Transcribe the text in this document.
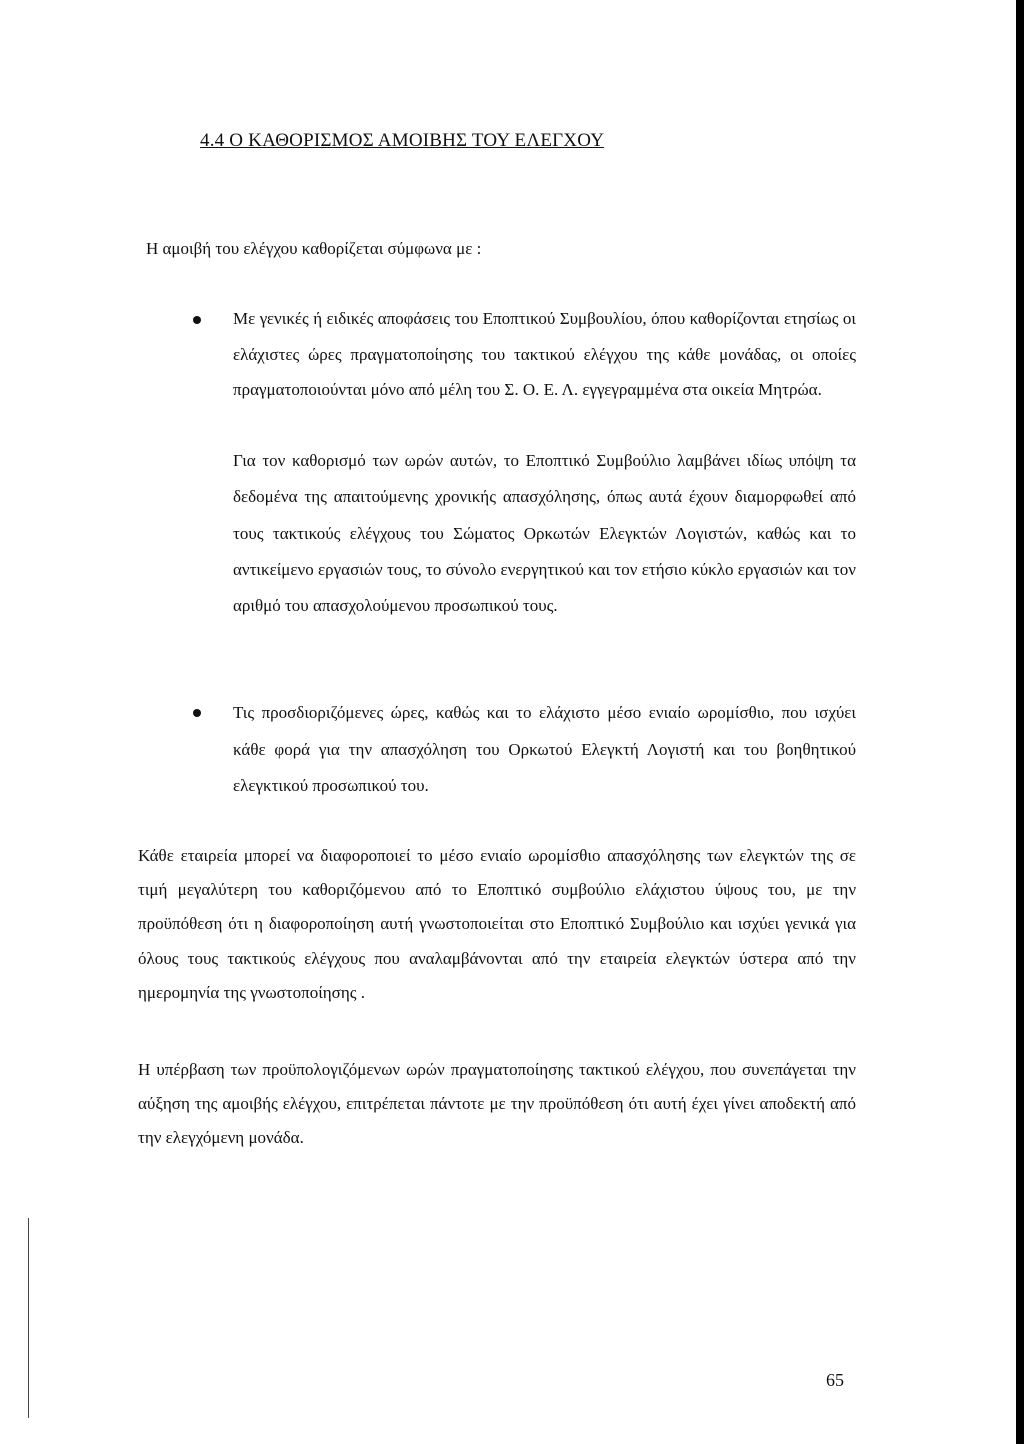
4.4 Ο ΚΑΘΟΡΙΣΜΟΣ ΑΜΟΙΒΗΣ ΤΟΥ ΕΛΕΓΧΟΥ

Η αμοιβή του ελέγχου καθορίζεται σύμφωνα με :

Με γενικές ή ειδικές αποφάσεις του Εποπτικού Συμβουλίου, όπου καθορίζονται ετησίως οι ελάχιστες ώρες πραγματοποίησης του τακτικού ελέγχου της κάθε μονάδας, οι οποίες πραγματοποιούνται μόνο από μέλη του Σ. Ο. Ε. Λ. εγγεγραμμένα στα οικεία Μητρώα.

Για τον καθορισμό των ωρών αυτών, το Εποπτικό Συμβούλιο λαμβάνει ιδίως υπόψη τα δεδομένα της απαιτούμενης χρονικής απασχόλησης, όπως αυτά έχουν διαμορφωθεί από τους τακτικούς ελέγχους του Σώματος Ορκωτών Ελεγκτών Λογιστών, καθώς και το αντικείμενο εργασιών τους, το σύνολο ενεργητικού και τον ετήσιο κύκλο εργασιών και τον αριθμό του απασχολούμενου προσωπικού τους.

Τις προσδιοριζόμενες ώρες, καθώς και το ελάχιστο μέσο ενιαίο ωρομίσθιο, που ισχύει κάθε φορά για την απασχόληση του Ορκωτού Ελεγκτή Λογιστή και του βοηθητικού ελεγκτικού προσωπικού του.

Κάθε εταιρεία μπορεί να διαφοροποιεί το μέσο ενιαίο ωρομίσθιο απασχόλησης των ελεγκτών της σε τιμή μεγαλύτερη του καθοριζόμενου από το Εποπτικό συμβούλιο ελάχιστου ύψους του, με την προϋπόθεση ότι η διαφοροποίηση αυτή γνωστοποιείται στο Εποπτικό Συμβούλιο και ισχύει γενικά για όλους τους τακτικούς ελέγχους που αναλαμβάνονται από την εταιρεία ελεγκτών ύστερα από την ημερομηνία της γνωστοποίησης .

Η υπέρβαση των προϋπολογιζόμενων ωρών πραγματοποίησης τακτικού ελέγχου, που συνεπάγεται την αύξηση της αμοιβής ελέγχου, επιτρέπεται πάντοτε με την προϋπόθεση ότι αυτή έχει γίνει αποδεκτή από την ελεγχόμενη μονάδα.

65
